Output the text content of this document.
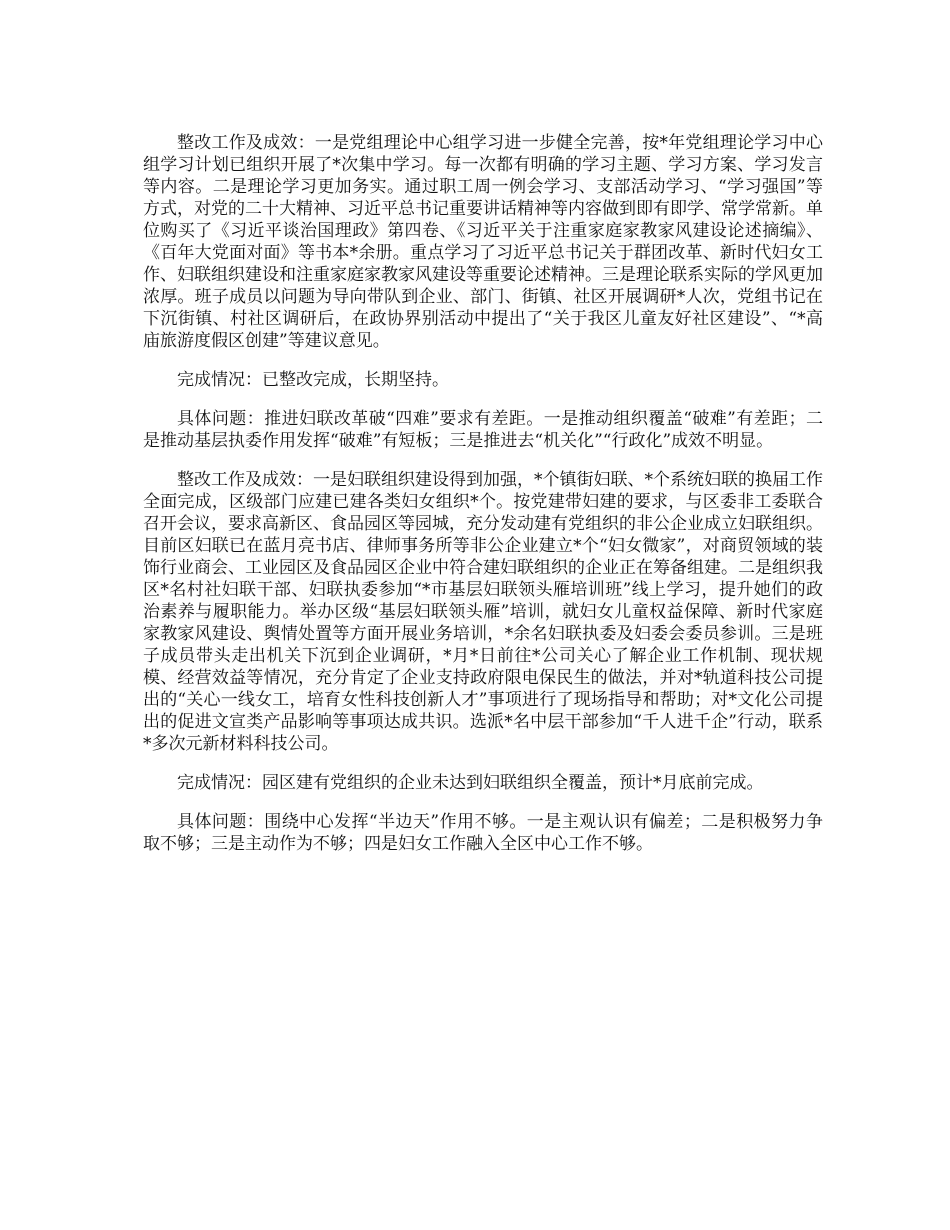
整改工作及成效：一是党组理论中心组学习进一步健全完善，按*年党组理论学习中心组学习计划已组织开展了*次集中学习。每一次都有明确的学习主题、学习方案、学习发言等内容。二是理论学习更加务实。通过职工周一例会学习、支部活动学习、“学习强国”等方式，对党的二十大精神、习近平总书记重要讲话精神等内容做到即有即学、常学常新。单位购买了《习近平谈治国理政》第四卷、《习近平关于注重家庭家教家风建设论述摘编》、《百年大党面对面》等书本*余册。重点学习了习近平总书记关于群团改革、新时代妇女工作、妇联组织建设和注重家庭家教家风建设等重要论述精神。三是理论联系实际的学风更加浓厚。班子成员以问题为导向带队到企业、部门、街镇、社区开展调研*人次，党组书记在下沉街镇、村社区调研后，在政协界别活动中提出了“关于我区儿童友好社区建设”、“*高庙旅游度假区创建”等建议意见。

完成情况：已整改完成，长期坚持。

具体问题：推进妇联改革破“四难”要求有差距。一是推动组织覆盖“破难”有差距；二是推动基层执委作用发挥“破难”有短板；三是推进去“机关化”“行政化”成效不明显。

整改工作及成效：一是妇联组织建设得到加强，*个镇街妇联、*个系统妇联的换届工作全面完成，区级部门应建已建各类妇女组织*个。按党建带妇建的要求，与区委非工委联合召开会议，要求高新区、食品园区等园城，充分发动建有党组织的非公企业成立妇联组织。目前区妇联已在蓝月亮书店、律师事务所等非公企业建立*个“妇女微家”，对商贸领域的装饰行业商会、工业园区及食品园区企业中符合建妇联组织的企业正在筹备组建。二是组织我区*名村社妇联干部、妇联执委参加“*市基层妇联领头雁培训班”线上学习，提升她们的政治素养与履职能力。举办区级“基层妇联领头雁”培训，就妇女儿童权益保障、新时代家庭家教家风建设、舆情处置等方面开展业务培训，*余名妇联执委及妇委会委员参训。三是班子成员带头走出机关下沉到企业调研，*月*日前往*公司关心了解企业工作机制、现状规模、经营效益等情况，充分肯定了企业支持政府限电保民生的做法，并对*轨道科技公司提出的“关心一线女工，培育女性科技创新人才”事项进行了现场指导和帮助；对*文化公司提出的促进文宣类产品影响等事项达成共识。选派*名中层干部参加“千人进千企”行动，联系*多次元新材料科技公司。

完成情况：园区建有党组织的企业未达到妇联组织全覆盖，预计*月底前完成。

具体问题：围绕中心发挥“半边天”作用不够。一是主观认识有偏差；二是积极努力争取不够；三是主动作为不够；四是妇女工作融入全区中心工作不够。
